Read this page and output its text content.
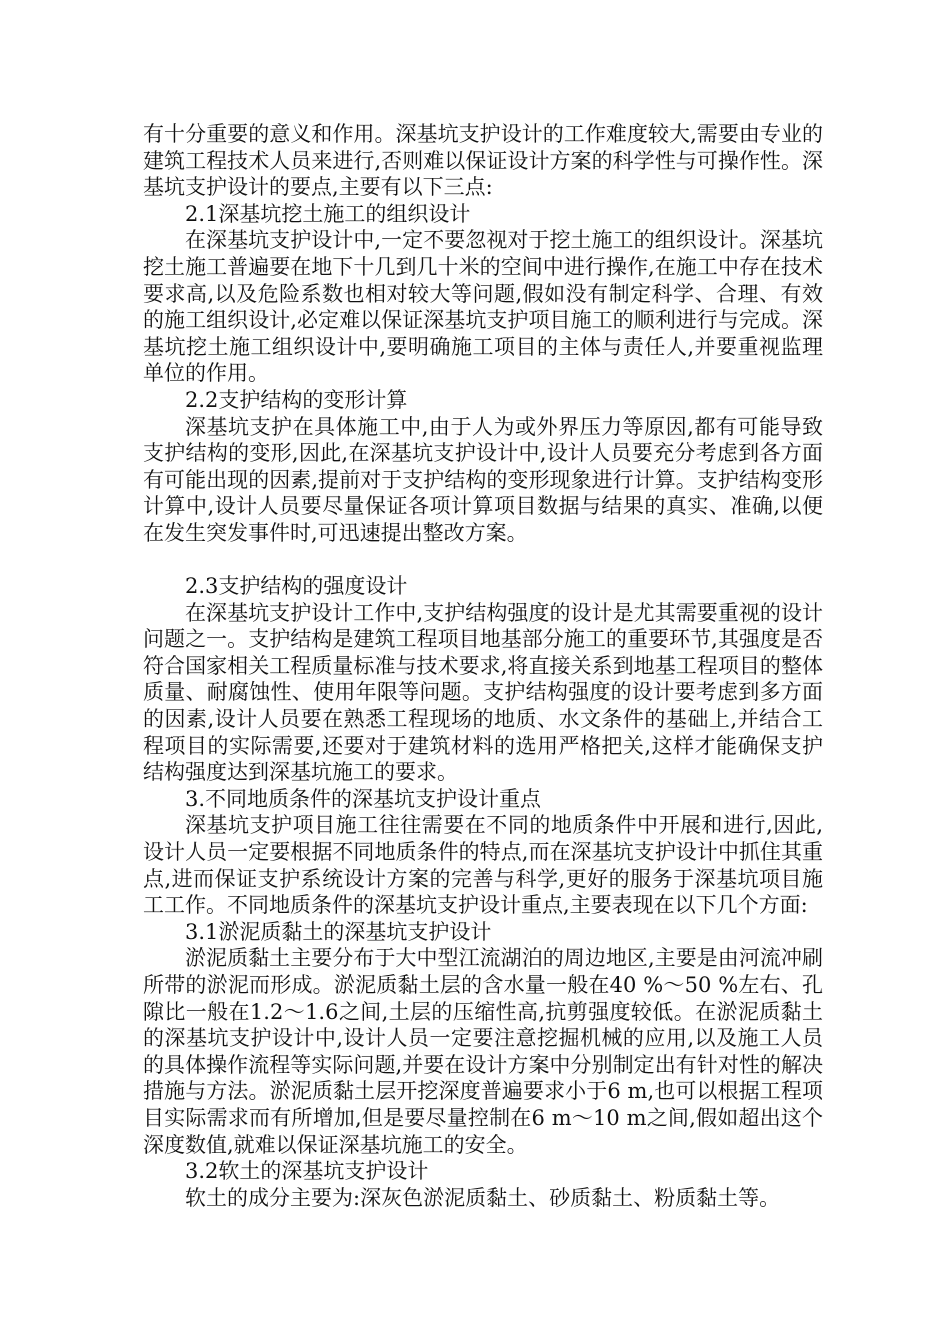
有十分重要的意义和作用。深基坑支护设计的工作难度较大,需要由专业的建筑工程技术人员来进行,否则难以保证设计方案的科学性与可操作性。深基坑支护设计的要点,主要有以下三点:

2.1深基坑挖土施工的组织设计

在深基坑支护设计中,一定不要忽视对于挖土施工的组织设计。深基坑挖土施工普遍要在地下十几到几十米的空间中进行操作,在施工中存在技术要求高,以及危险系数也相对较大等问题,假如没有制定科学、合理、有效的施工组织设计,必定难以保证深基坑支护项目施工的顺利进行与完成。深基坑挖土施工组织设计中,要明确施工项目的主体与责任人,并要重视监理单位的作用。

2.2支护结构的变形计算

深基坑支护在具体施工中,由于人为或外界压力等原因,都有可能导致支护结构的变形,因此,在深基坑支护设计中,设计人员要充分考虑到各方面有可能出现的因素,提前对于支护结构的变形现象进行计算。支护结构变形计算中,设计人员要尽量保证各项计算项目数据与结果的真实、准确,以便在发生突发事件时,可迅速提出整改方案。

2.3支护结构的强度设计

在深基坑支护设计工作中,支护结构强度的设计是尤其需要重视的设计问题之一。支护结构是建筑工程项目地基部分施工的重要环节,其强度是否符合国家相关工程质量标准与技术要求,将直接关系到地基工程项目的整体质量、耐腐蚀性、使用年限等问题。支护结构强度的设计要考虑到多方面的因素,设计人员要在熟悉工程现场的地质、水文条件的基础上,并结合工程项目的实际需要,还要对于建筑材料的选用严格把关,这样才能确保支护结构强度达到深基坑施工的要求。

3.不同地质条件的深基坑支护设计重点

深基坑支护项目施工往往需要在不同的地质条件中开展和进行,因此,设计人员一定要根据不同地质条件的特点,而在深基坑支护设计中抓住其重点,进而保证支护系统设计方案的完善与科学,更好的服务于深基坑项目施工工作。不同地质条件的深基坑支护设计重点,主要表现在以下几个方面:

3.1淤泥质黏土的深基坑支护设计

淤泥质黏土主要分布于大中型江流湖泊的周边地区,主要是由河流冲刷所带的淤泥而形成。淤泥质黏土层的含水量一般在40 %～50 %左右、孔隙比一般在1.2～1.6之间,土层的压缩性高,抗剪强度较低。在淤泥质黏土的深基坑支护设计中,设计人员一定要注意挖掘机械的应用,以及施工人员的具体操作流程等实际问题,并要在设计方案中分别制定出有针对性的解决措施与方法。淤泥质黏土层开挖深度普遍要求小于6 m,也可以根据工程项目实际需求而有所增加,但是要尽量控制在6 m～10 m之间,假如超出这个深度数值,就难以保证深基坑施工的安全。

3.2软土的深基坑支护设计

软土的成分主要为:深灰色淤泥质黏土、砂质黏土、粉质黏土等。
